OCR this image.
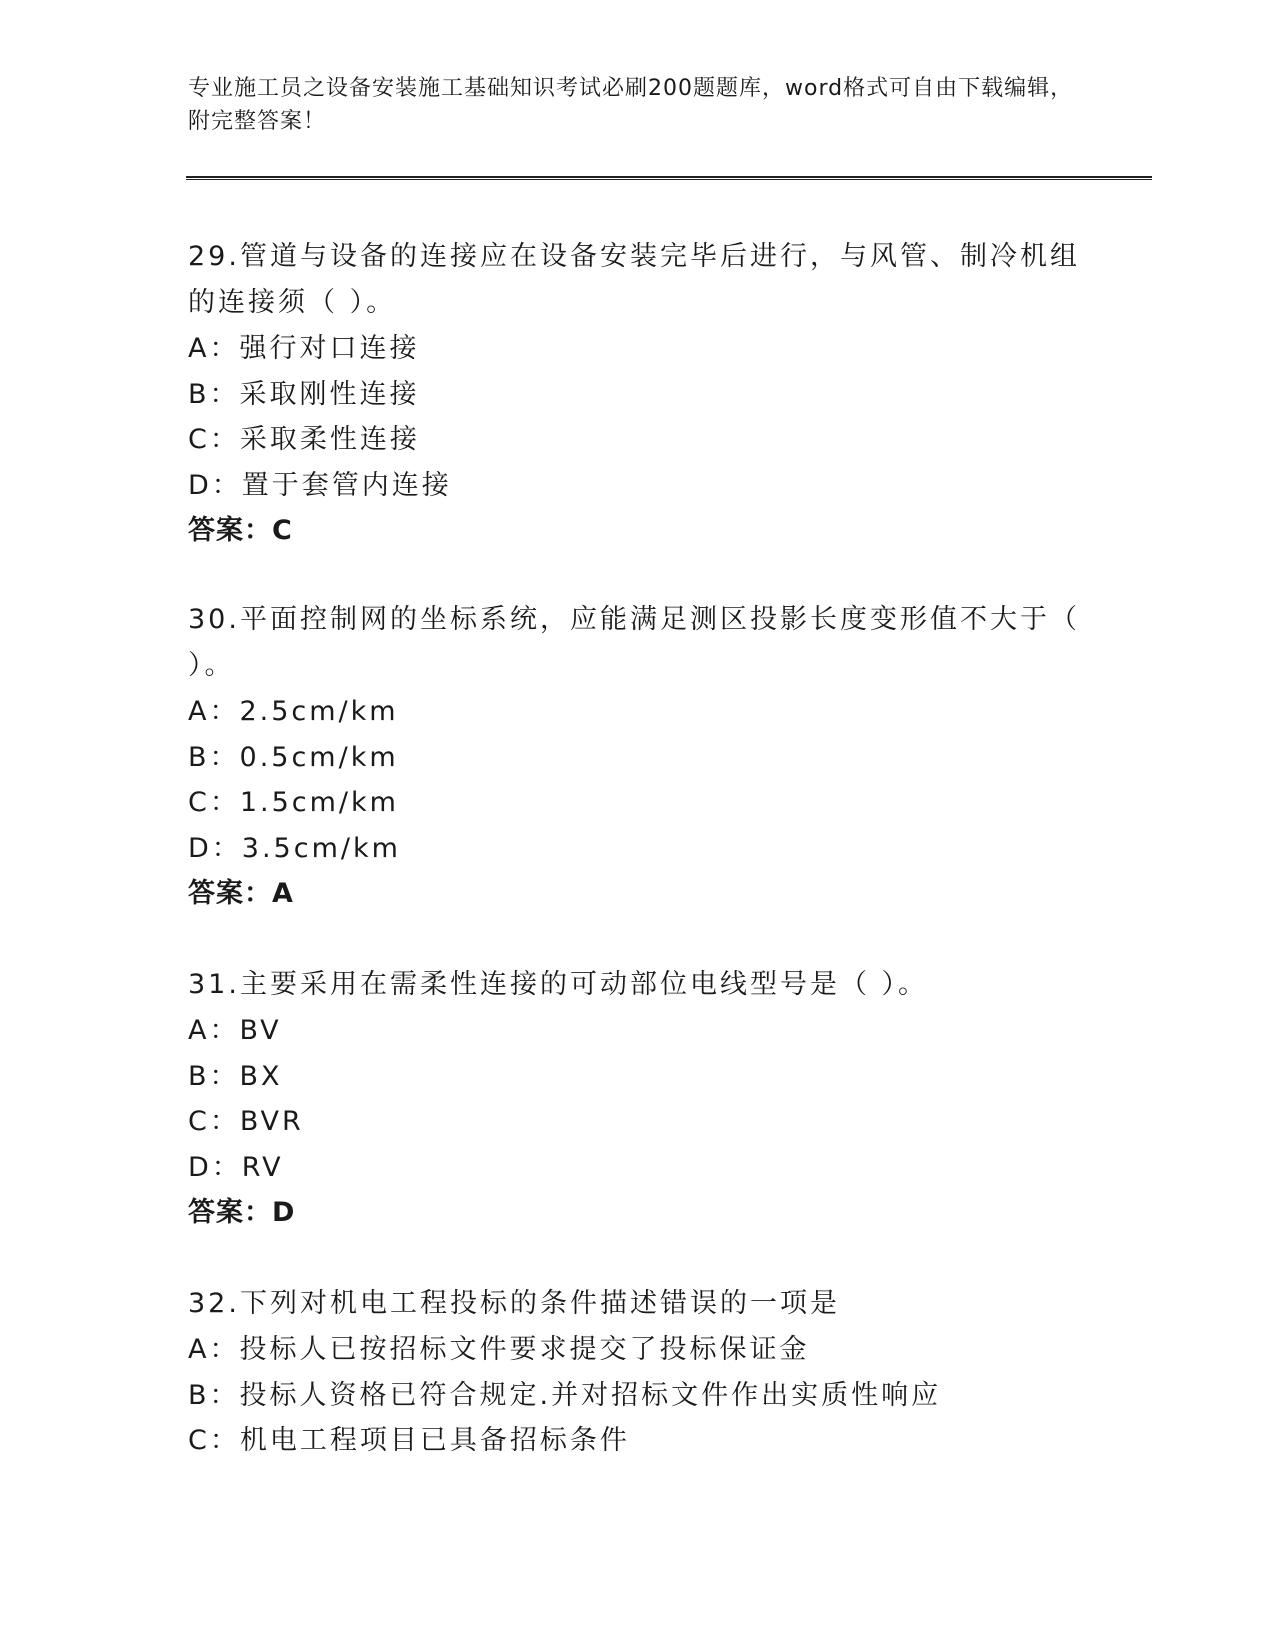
专业施工员之设备安装施工基础知识考试必刷200题题库，word格式可自由下载编辑，附完整答案！
29.管道与设备的连接应在设备安装完毕后进行，与风管、制冷机组的连接须（ ）。
A：强行对口连接
B：采取刚性连接
C：采取柔性连接
D：置于套管内连接
答案：C
30.平面控制网的坐标系统，应能满足测区投影长度变形值不大于（ ）。
A：2.5cm/km
B：0.5cm/km
C：1.5cm/km
D：3.5cm/km
答案：A
31.主要采用在需柔性连接的可动部位电线型号是（ ）。
A：BV
B：BX
C：BVR
D：RV
答案：D
32.下列对机电工程投标的条件描述错误的一项是
A：投标人已按招标文件要求提交了投标保证金
B：投标人资格已符合规定.并对招标文件作出实质性响应
C：机电工程项目已具备招标条件
